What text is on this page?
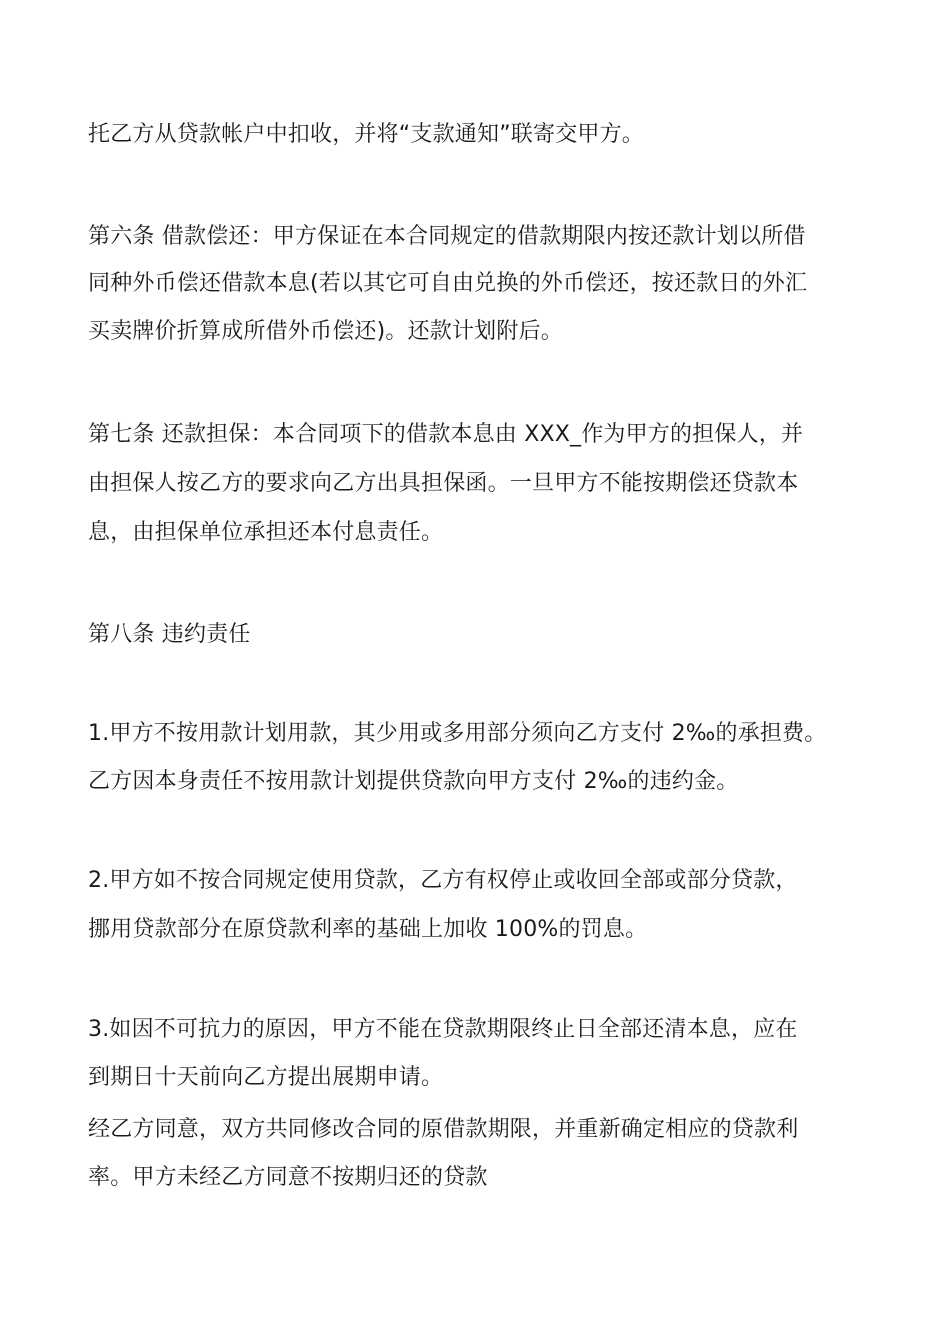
托乙方从贷款帐户中扣收，并将“支款通知”联寄交甲方。
第六条 借款偿还：甲方保证在本合同规定的借款期限内按还款计划以所借
同种外币偿还借款本息(若以其它可自由兑换的外币偿还，按还款日的外汇
买卖牌价折算成所借外币偿还)。还款计划附后。
第七条 还款担保：本合同项下的借款本息由 XXX_作为甲方的担保人，并
由担保人按乙方的要求向乙方出具担保函。一旦甲方不能按期偿还贷款本
息，由担保单位承担还本付息责任。
第八条 违约责任
1.甲方不按用款计划用款，其少用或多用部分须向乙方支付 2‰的承担费。
乙方因本身责任不按用款计划提供贷款向甲方支付 2‰的违约金。
2.甲方如不按合同规定使用贷款，乙方有权停止或收回全部或部分贷款，
挪用贷款部分在原贷款利率的基础上加收 100%的罚息。
3.如因不可抗力的原因，甲方不能在贷款期限终止日全部还清本息，应在
到期日十天前向乙方提出展期申请。
经乙方同意，双方共同修改合同的原借款期限，并重新确定相应的贷款利
率。甲方未经乙方同意不按期归还的贷款
